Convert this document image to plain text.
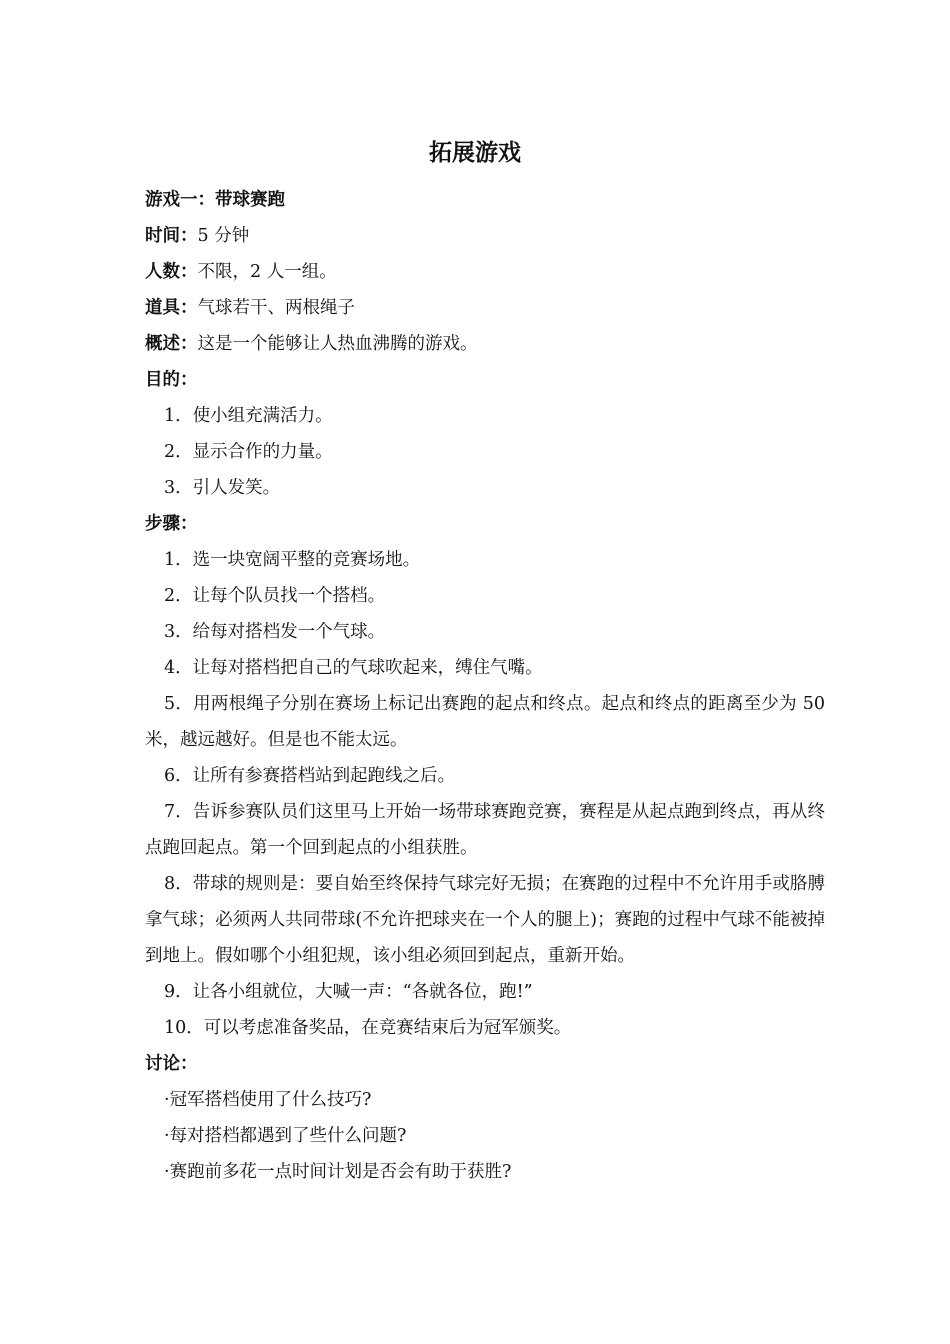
拓展游戏

游戏一：带球赛跑

时间：5 分钟

人数：不限，2 人一组。

道具：气球若干、两根绳子

概述：这是一个能够让人热血沸腾的游戏。

目的：

1．使小组充满活力。

2．显示合作的力量。

3．引人发笑。

步骤：

1．选一块宽阔平整的竞赛场地。

2．让每个队员找一个搭档。

3．给每对搭档发一个气球。

4．让每对搭档把自己的气球吹起来，缚住气嘴。

5．用两根绳子分别在赛场上标记出赛跑的起点和终点。起点和终点的距离至少为 50 米，越远越好。但是也不能太远。

6．让所有参赛搭档站到起跑线之后。

7．告诉参赛队员们这里马上开始一场带球赛跑竞赛，赛程是从起点跑到终点，再从终点跑回起点。第一个回到起点的小组获胜。

8．带球的规则是：要自始至终保持气球完好无损；在赛跑的过程中不允许用手或胳膊拿气球；必须两人共同带球(不允许把球夹在一个人的腿上)；赛跑的过程中气球不能被掉到地上。假如哪个小组犯规，该小组必须回到起点，重新开始。

9．让各小组就位，大喊一声：“各就各位，跑!”

10．可以考虑准备奖品，在竞赛结束后为冠军颁奖。

讨论：

·冠军搭档使用了什么技巧?

·每对搭档都遇到了些什么问题?

·赛跑前多花一点时间计划是否会有助于获胜?
